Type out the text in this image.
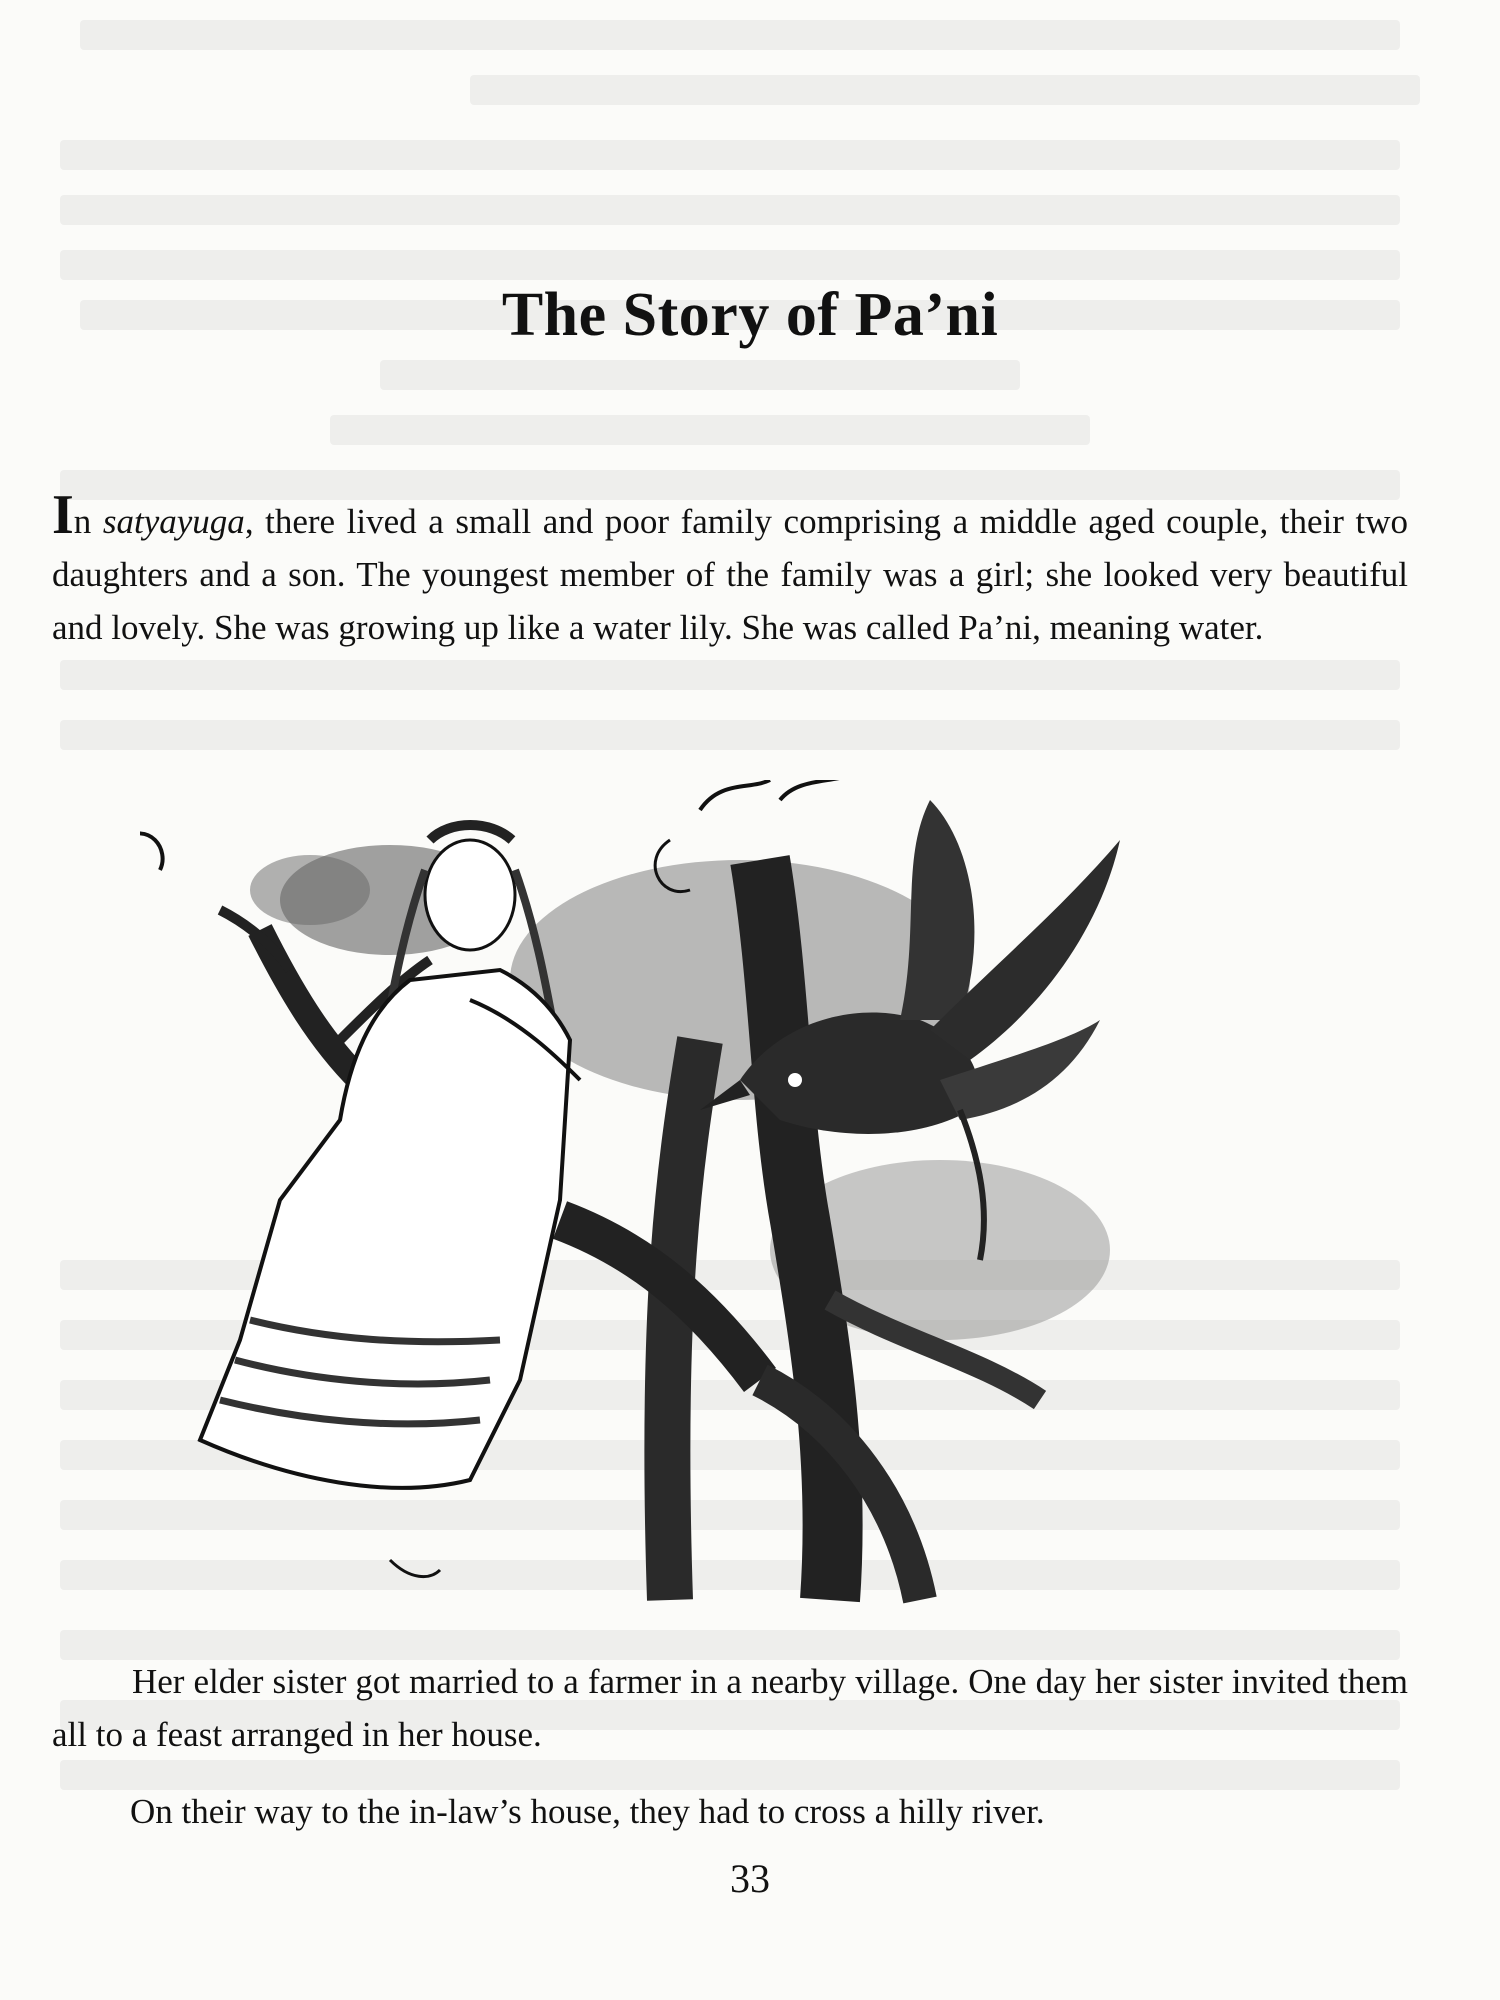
The Story of Pa’ni

In satyayuga, there lived a small and poor family comprising a middle aged couple, their two daughters and a son. The youngest member of the family was a girl; she looked very beautiful and lovely. She was growing up like a water lily. She was called Pa’ni, meaning water.

Her elder sister got married to a farmer in a nearby village. One day her sister invited them all to a feast arranged in her house.

On their way to the in-law’s house, they had to cross a hilly river.

33
